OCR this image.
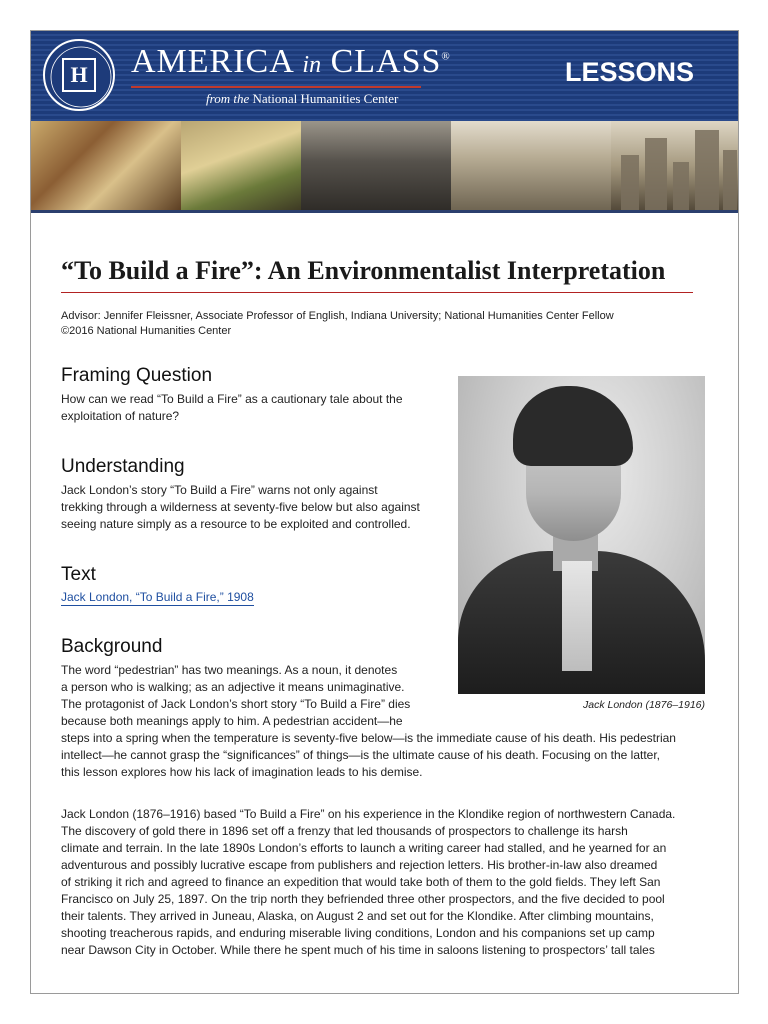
H AMERICA in CLASS®
from the National Humanities Center
LESSONS
“To Build a Fire”: An Environmentalist Interpretation
Advisor: Jennifer Fleissner, Associate Professor of English, Indiana University; National Humanities Center Fellow
©2016 National Humanities Center
Framing Question
How can we read “To Build a Fire” as a cautionary tale about the
exploitation of nature?
Understanding
Jack London’s story “To Build a Fire” warns not only against
trekking through a wilderness at seventy-five below but also against
seeing nature simply as a resource to be exploited and controlled.
Text
Jack London, “To Build a Fire,” 1908
Background
The word “pedestrian” has two meanings. As a noun, it denotes
a person who is walking; as an adjective it means unimaginative.
The protagonist of Jack London’s short story “To Build a Fire” dies
because both meanings apply to him. A pedestrian accident—he
steps into a spring when the temperature is seventy-five below—is the immediate cause of his death. His pedestrian
intellect—he cannot grasp the “significances” of things—is the ultimate cause of his death. Focusing on the latter,
this lesson explores how his lack of imagination leads to his demise.
Jack London (1876–1916) based “To Build a Fire” on his experience in the Klondike region of northwestern Canada.
The discovery of gold there in 1896 set off a frenzy that led thousands of prospectors to challenge its harsh
climate and terrain. In the late 1890s London’s efforts to launch a writing career had stalled, and he yearned for an
adventurous and possibly lucrative escape from publishers and rejection letters. His brother-in-law also dreamed
of striking it rich and agreed to finance an expedition that would take both of them to the gold fields. They left San
Francisco on July 25, 1897. On the trip north they befriended three other prospectors, and the five decided to pool
their talents. They arrived in Juneau, Alaska, on August 2 and set out for the Klondike. After climbing mountains,
shooting treacherous rapids, and enduring miserable living conditions, London and his companions set up camp
near Dawson City in October. While there he spent much of his time in saloons listening to prospectors’ tall tales
Jack London (1876–1916)
